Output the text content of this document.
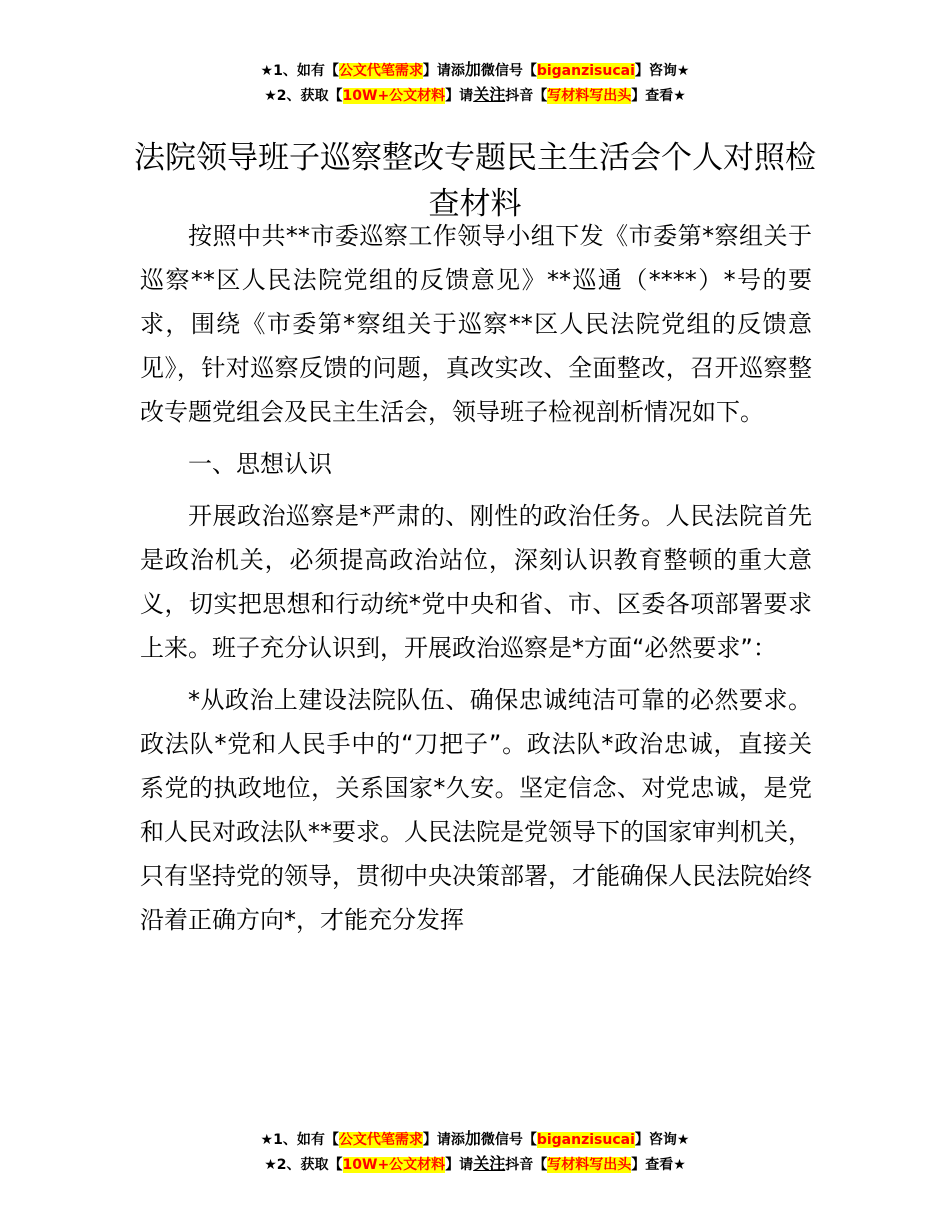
★1、如有【公文代笔需求】请添加微信号【biganzisucai】咨询★
★2、获取【10W+公文材料】请关注抖音【写材料写出头】查看★
法院领导班子巡察整改专题民主生活会个人对照检查材料

按照中共**市委巡察工作领导小组下发《市委第*察组关于巡察**区人民法院党组的反馈意见》**巡通（****）*号的要求，围绕《市委第*察组关于巡察**区人民法院党组的反馈意见》，针对巡察反馈的问题，真改实改、全面整改，召开巡察整改专题党组会及民主生活会，领导班子检视剖析情况如下。

一、思想认识

开展政治巡察是*严肃的、刚性的政治任务。人民法院首先是政治机关，必须提高政治站位，深刻认识教育整顿的重大意义，切实把思想和行动统*党中央和省、市、区委各项部署要求上来。班子充分认识到，开展政治巡察是*方面“必然要求”：

*从政治上建设法院队伍、确保忠诚纯洁可靠的必然要求。政法队*党和人民手中的“刀把子”。政法队*政治忠诚，直接关系党的执政地位，关系国家*久安。坚定信念、对党忠诚，是党和人民对政法队**要求。人民法院是党领导下的国家审判机关，只有坚持党的领导，贯彻中央决策部署，才能确保人民法院始终沿着正确方向*，才能充分发挥

★1、如有【公文代笔需求】请添加微信号【biganzisucai】咨询★
★2、获取【10W+公文材料】请关注抖音【写材料写出头】查看★
